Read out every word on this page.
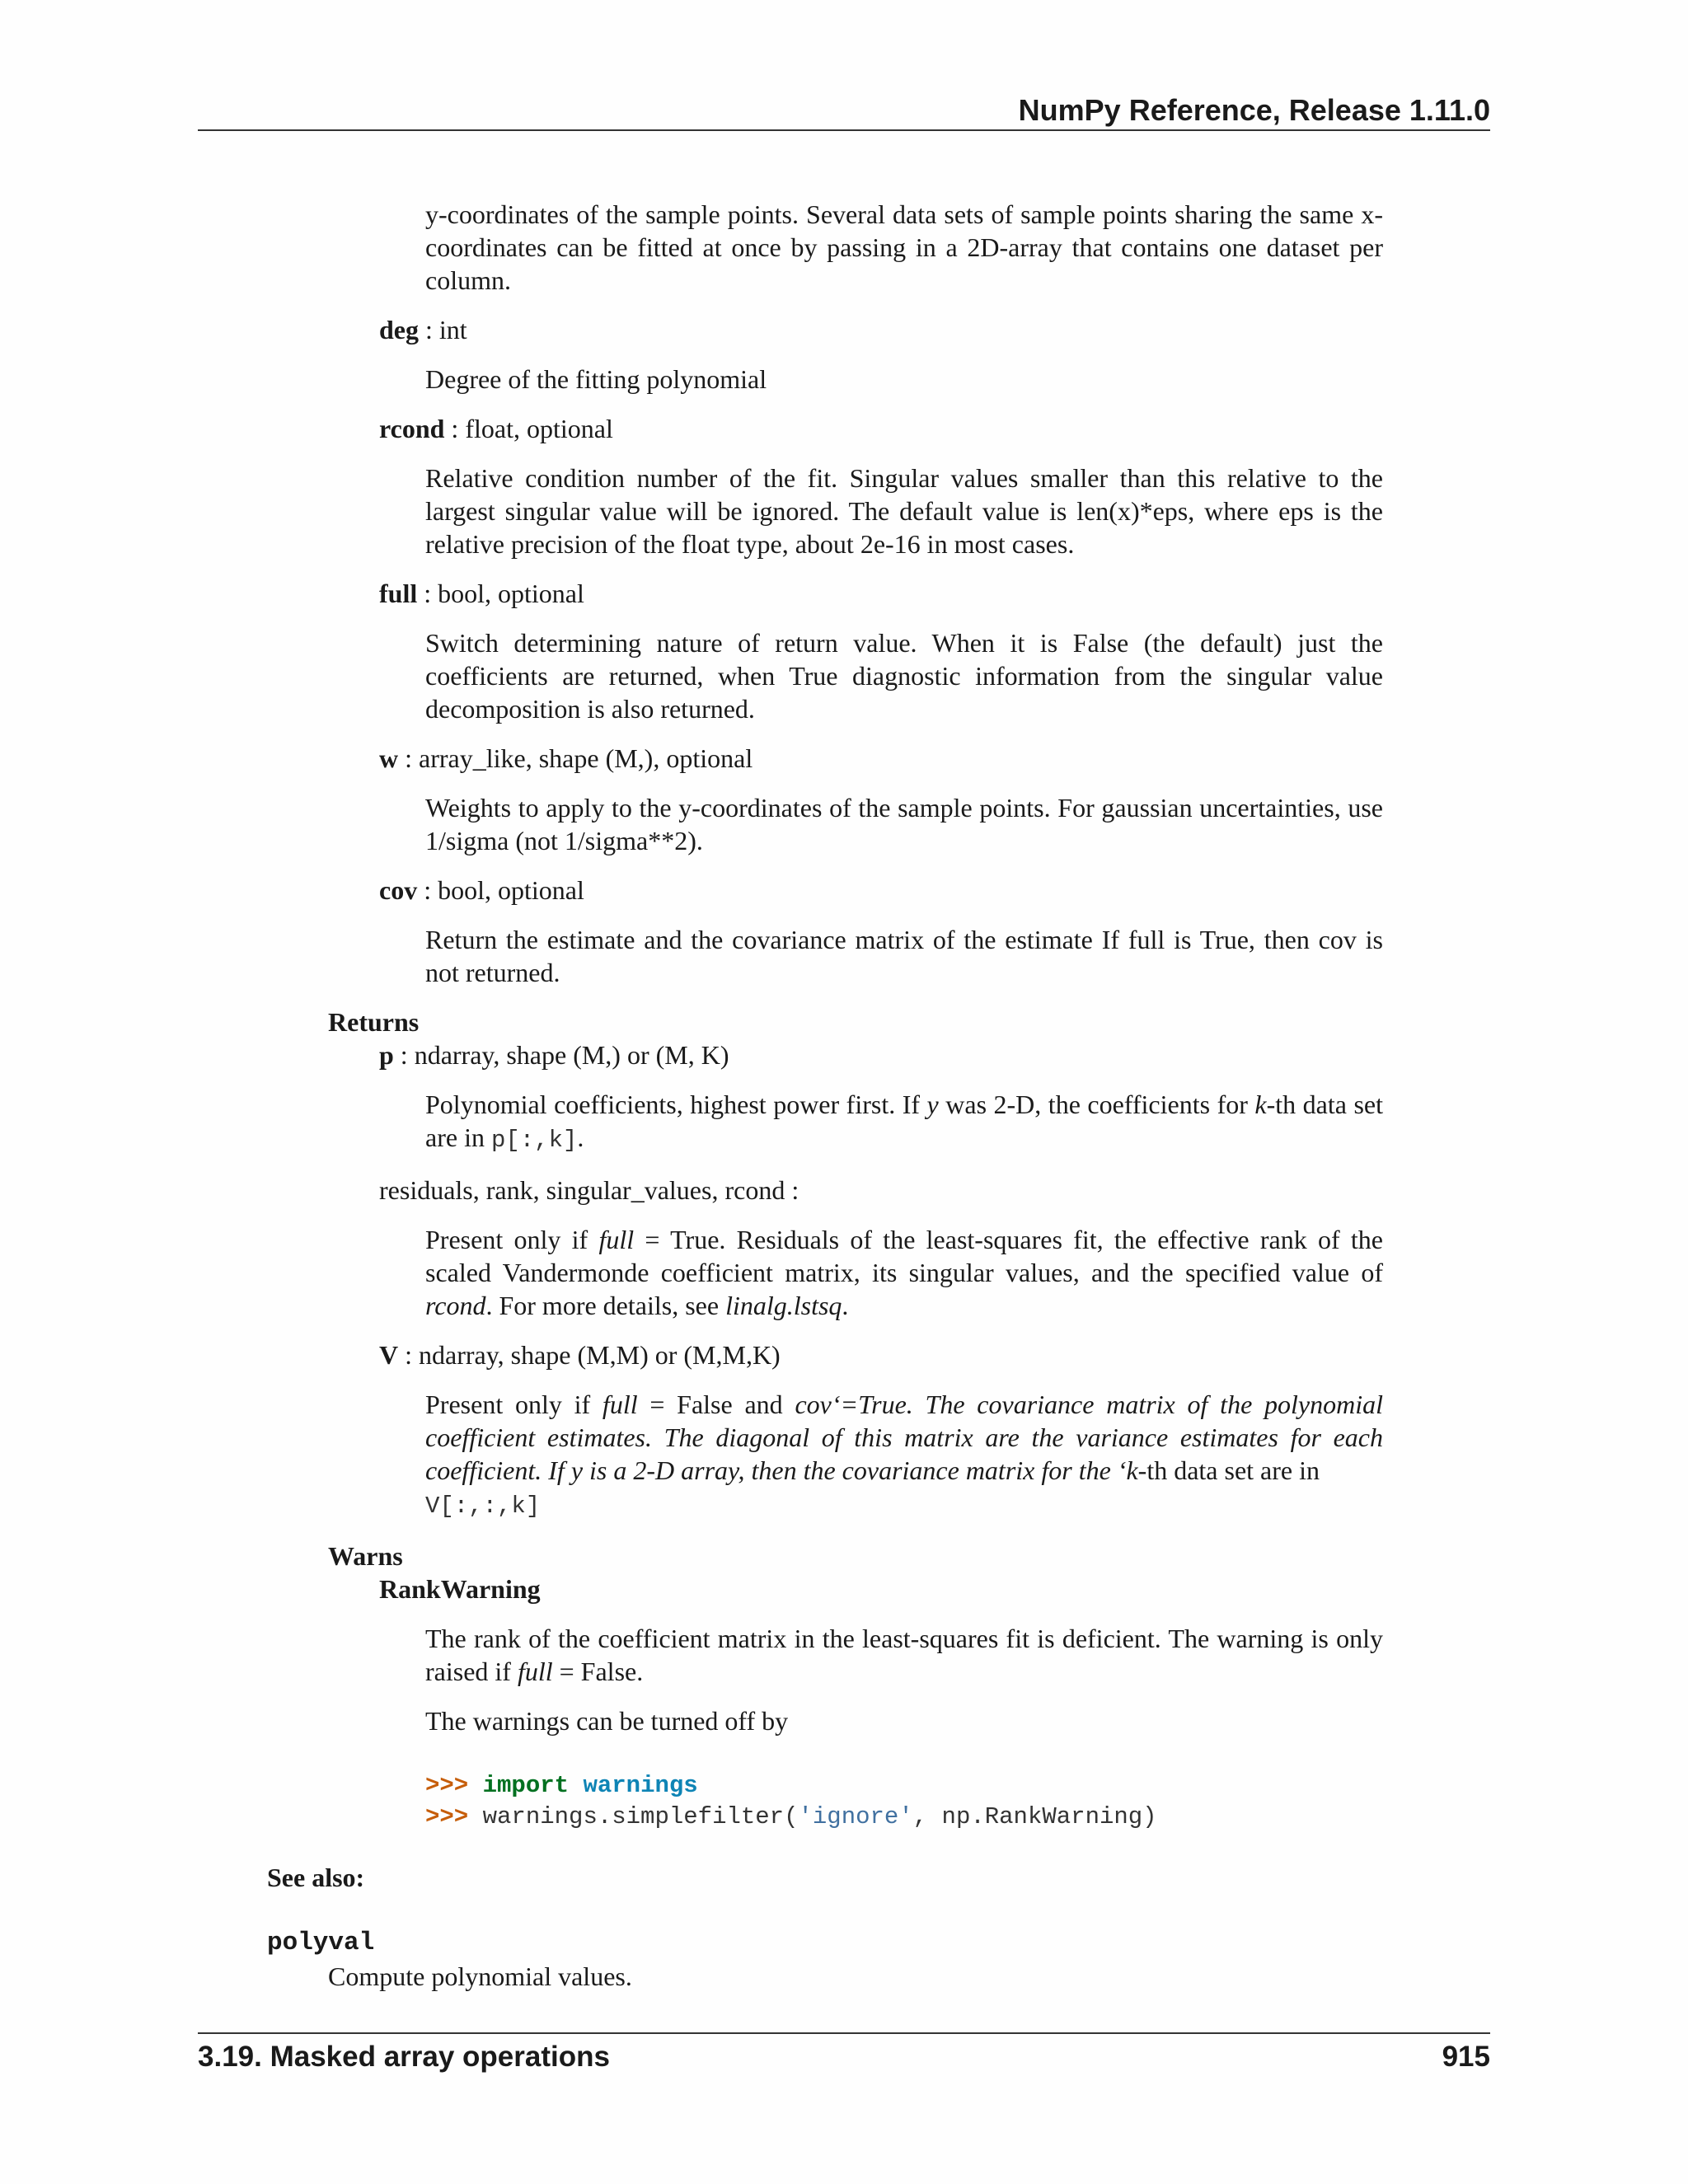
NumPy Reference, Release 1.11.0

y-coordinates of the sample points. Several data sets of sample points sharing the same x-coordinates can be fitted at once by passing in a 2D-array that contains one dataset per column.

deg : int

Degree of the fitting polynomial

rcond : float, optional

Relative condition number of the fit. Singular values smaller than this relative to the largest singular value will be ignored. The default value is len(x)*eps, where eps is the relative precision of the float type, about 2e-16 in most cases.

full : bool, optional

Switch determining nature of return value. When it is False (the default) just the coefficients are returned, when True diagnostic information from the singular value decomposition is also returned.

w : array_like, shape (M,), optional

Weights to apply to the y-coordinates of the sample points. For gaussian uncertainties, use 1/sigma (not 1/sigma**2).

cov : bool, optional

Return the estimate and the covariance matrix of the estimate If full is True, then cov is not returned.

Returns
p : ndarray, shape (M,) or (M, K)

Polynomial coefficients, highest power first. If y was 2-D, the coefficients for k-th data set are in p[:,k].

residuals, rank, singular_values, rcond :

Present only if full = True. Residuals of the least-squares fit, the effective rank of the scaled Vandermonde coefficient matrix, its singular values, and the specified value of rcond. For more details, see linalg.lstsq.

V : ndarray, shape (M,M) or (M,M,K)

Present only if full = False and cov‘=True. The covariance matrix of the polynomial coefficient estimates. The diagonal of this matrix are the variance estimates for each coefficient. If y is a 2-D array, then the covariance matrix for the ‘k-th data set are in
V[:,:,k]

Warns
RankWarning

The rank of the coefficient matrix in the least-squares fit is deficient. The warning is only raised if full = False.

The warnings can be turned off by

>>> import warnings
>>> warnings.simplefilter('ignore', np.RankWarning)
See also:
polyval
Compute polynomial values.
3.19. Masked array operations	915
